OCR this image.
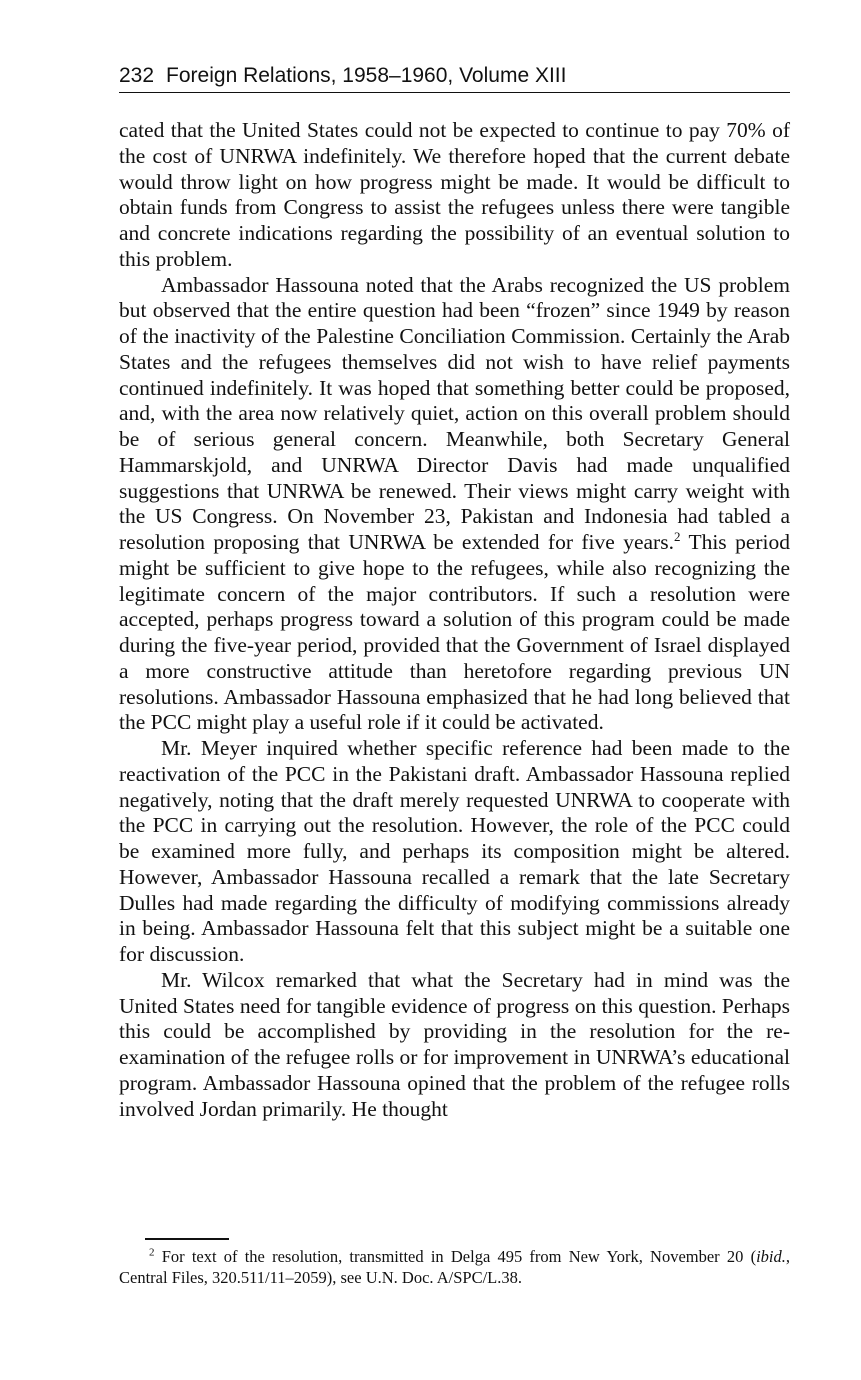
232 Foreign Relations, 1958–1960, Volume XIII

cated that the United States could not be expected to continue to pay 70% of the cost of UNRWA indefinitely. We therefore hoped that the current debate would throw light on how progress might be made. It would be difficult to obtain funds from Congress to assist the refugees unless there were tangible and concrete indications regarding the possibility of an eventual solution to this problem.

Ambassador Hassouna noted that the Arabs recognized the US problem but observed that the entire question had been “frozen” since 1949 by reason of the inactivity of the Palestine Conciliation Commission. Certainly the Arab States and the refugees themselves did not wish to have relief payments continued indefinitely. It was hoped that something better could be proposed, and, with the area now relatively quiet, action on this overall problem should be of serious general concern. Meanwhile, both Secretary General Hammarskjold, and UNRWA Director Davis had made unqualified suggestions that UNRWA be renewed. Their views might carry weight with the US Congress. On November 23, Pakistan and Indonesia had tabled a resolution proposing that UNRWA be extended for five years.$^2$ This period might be sufficient to give hope to the refugees, while also recognizing the legitimate concern of the major contributors. If such a resolution were accepted, perhaps progress toward a solution of this program could be made during the five-year period, provided that the Government of Israel displayed a more constructive attitude than heretofore regarding previous UN resolutions. Ambassador Hassouna emphasized that he had long believed that the PCC might play a useful role if it could be activated.

Mr. Meyer inquired whether specific reference had been made to the reactivation of the PCC in the Pakistani draft. Ambassador Hassouna replied negatively, noting that the draft merely requested UNRWA to cooperate with the PCC in carrying out the resolution. However, the role of the PCC could be examined more fully, and perhaps its composition might be altered. However, Ambassador Hassouna recalled a remark that the late Secretary Dulles had made regarding the difficulty of modifying commissions already in being. Ambassador Hassouna felt that this subject might be a suitable one for discussion.

Mr. Wilcox remarked that what the Secretary had in mind was the United States need for tangible evidence of progress on this question. Perhaps this could be accomplished by providing in the resolution for the re-examination of the refugee rolls or for improvement in UNRWA’s educational program. Ambassador Hassouna opined that the problem of the refugee rolls involved Jordan primarily. He thought

$^2$ For text of the resolution, transmitted in Delga 495 from New York, November 20 (ibid., Central Files, 320.511/11–2059), see U.N. Doc. A/SPC/L.38.
